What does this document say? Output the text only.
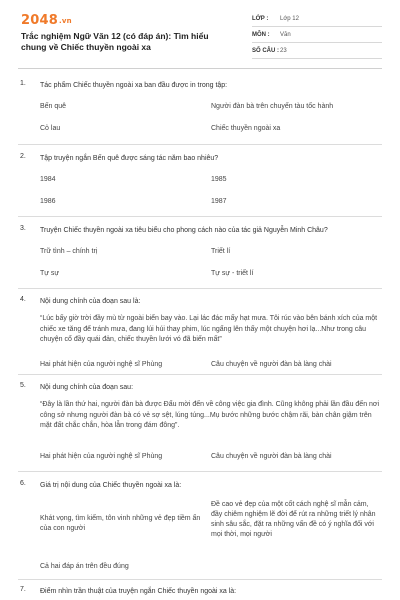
2048.vn
Trắc nghiệm Ngữ Văn 12 (có đáp án): Tìm hiểu chung về Chiếc thuyền ngoài xa
LỚP :	Lớp 12
MÔN :	Văn
SỐ CÂU : 23
1. Tác phẩm Chiếc thuyền ngoài xa ban đầu được in trong tập:
Bến quê	Người đàn bà trên chuyến tàu tốc hành
Cỏ lau	Chiếc thuyền ngoài xa
2. Tập truyện ngắn Bến quê được sáng tác năm bao nhiêu?
1984	1985
1986	1987
3. Truyện Chiếc thuyền ngoài xa tiêu biểu cho phong cách nào của tác giả Nguyễn Minh Châu?
Trữ tình – chính trị	Triết lí
Tự sự	Tự sự - triết lí
4. Nội dung chính của đoạn sau là:
“Lúc bấy giờ trời đầy mù từ ngoài biển bay vào. Lại lác đác mấy hạt mưa. Tôi rúc vào bên bánh xích của một chiếc xe tăng để tránh mưa, đang lúi húi thay phim, lúc ngẩng lên thấy một chuyện hơi lạ...Như trong câu chuyện cổ đầy quái đản, chiếc thuyền lưới vó đã biến mất”
Hai phát hiện của người nghệ sĩ Phùng	Câu chuyện về người đàn bà làng chài
5. Nội dung chính của đoạn sau:
“Đây là lần thứ hai, người đàn bà được Đẩu mời đến về công việc gia đình. Cũng không phải lần đầu đến nơi công sở nhưng người đàn bà có vẻ sợ sệt, lúng túng...Mụ bước những bước chậm rãi, bàn chân giậm trên mặt đất chắc chắn, hòa lẫn trong đám đông”.
Hai phát hiện của người nghệ sĩ Phùng	Câu chuyện về người đàn bà làng chài
6. Giá trị nội dung của Chiếc thuyền ngoài xa là:
Khát vọng, tìm kiếm, tôn vinh những vẻ đẹp tiềm ẩn của con người
Đề cao vẻ đẹp của một cốt cách nghệ sĩ mẫn cảm, đầy chiêm nghiệm lẽ đời để rút ra những triết lý nhân sinh sâu sắc, đặt ra những vấn đề có ý nghĩa đối với mọi thời, mọi người
Cả hai đáp án trên đều đúng
7. Điểm nhìn trần thuật của truyện ngắn Chiếc thuyền ngoài xa là:
